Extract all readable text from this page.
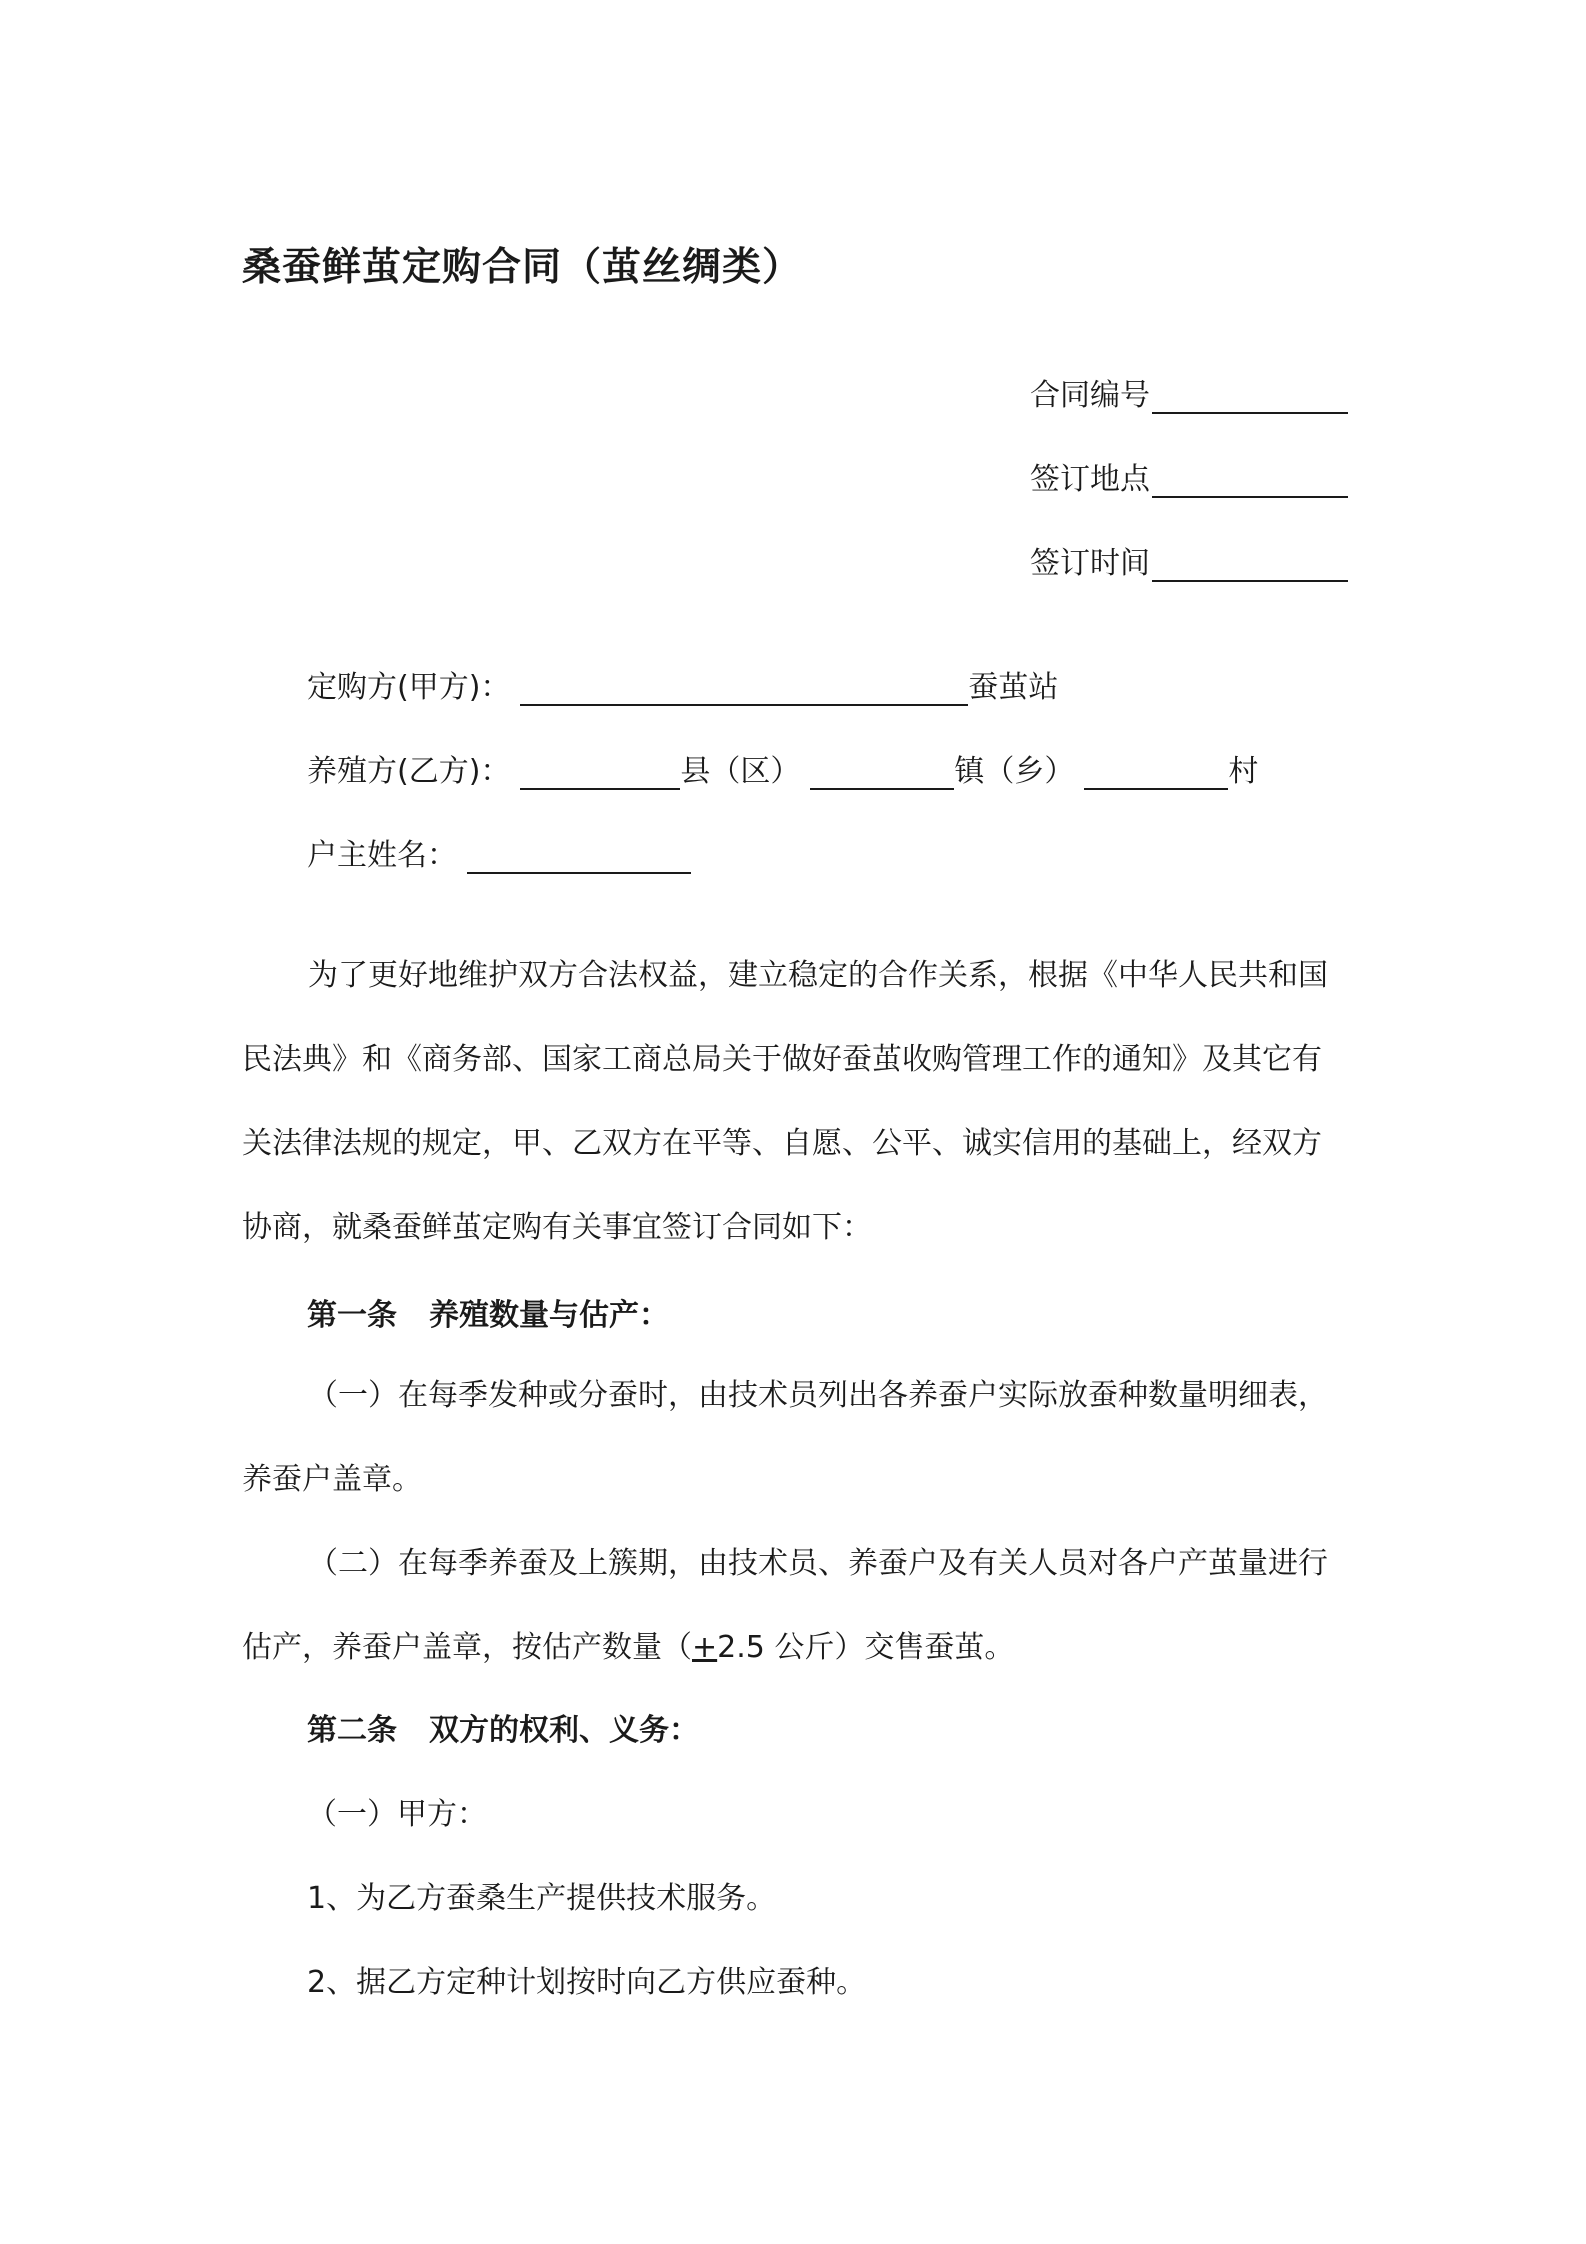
桑蚕鲜茧定购合同（茧丝绸类）
合同编号
签订地点
签订时间
定购方(甲方)：	蚕茧站
养殖方(乙方)：	县（区）	镇（乡）	村
户主姓名：

为了更好地维护双方合法权益，建立稳定的合作关系，根据《中华人民共和国民法典》和《商务部、国家工商总局关于做好蚕茧收购管理工作的通知》及其它有关法律法规的规定，甲、乙双方在平等、自愿、公平、诚实信用的基础上，经双方协商，就桑蚕鲜茧定购有关事宜签订合同如下：

第一条 养殖数量与估产：

（一）在每季发种或分蚕时，由技术员列出各养蚕户实际放蚕种数量明细表，养蚕户盖章。

（二）在每季养蚕及上簇期，由技术员、养蚕户及有关人员对各户产茧量进行估产，养蚕户盖章，按估产数量（+2.5 公斤）交售蚕茧。

第二条 双方的权利、义务：

（一）甲方：

1、为乙方蚕桑生产提供技术服务。

2、据乙方定种计划按时向乙方供应蚕种。
